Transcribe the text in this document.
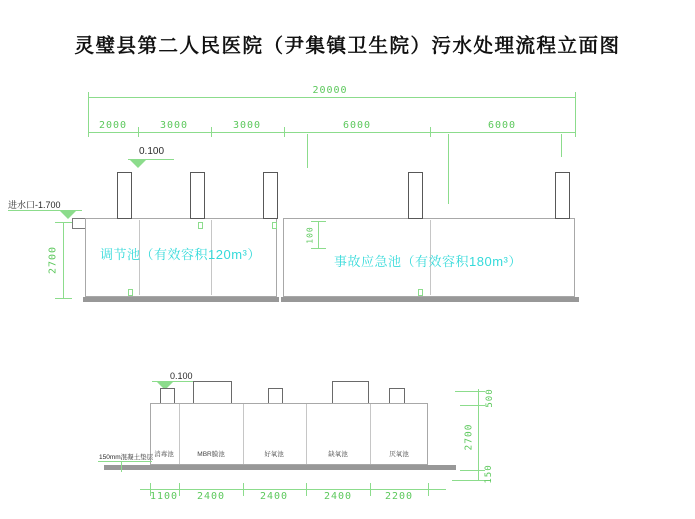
灵璧县第二人民医院（尹集镇卫生院）污水处理流程立面图
20000
2000	3000	3000	6000	6000
0.100
进水口-1.700
调节池（有效容积120m³）	事故应急池（有效容积180m³）
2700
100
0.100
消毒池	MBR膜池	好氧池	缺氧池	厌氧池
150mm混凝土垫层
500
2700
150
1100 2400	2400	2400	2200
